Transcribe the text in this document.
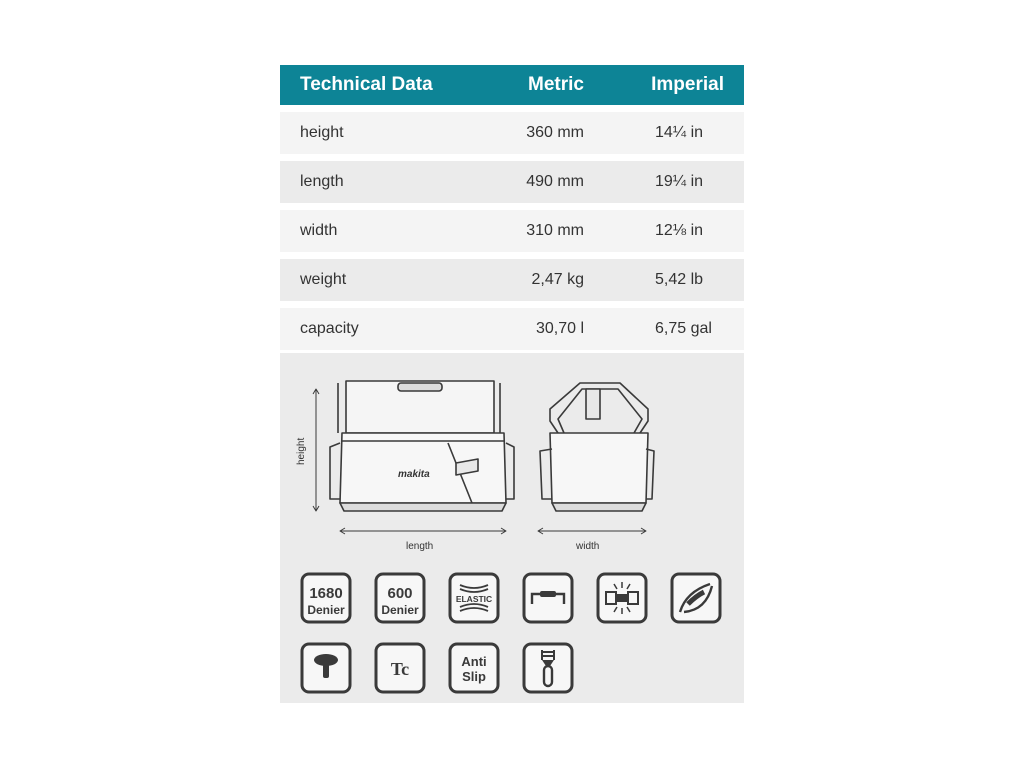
Technical Data	Metric	Imperial
height	360 mm	14¼ in
length	490 mm	19¼ in
width	310 mm	12⅛ in
weight	2,47 kg	5,42 lb
capacity	30,70 l	6,75 gal
makita
height
length	width
1680
Denier
600
Denier
ELASTIC
Tc	Anti
Slip
